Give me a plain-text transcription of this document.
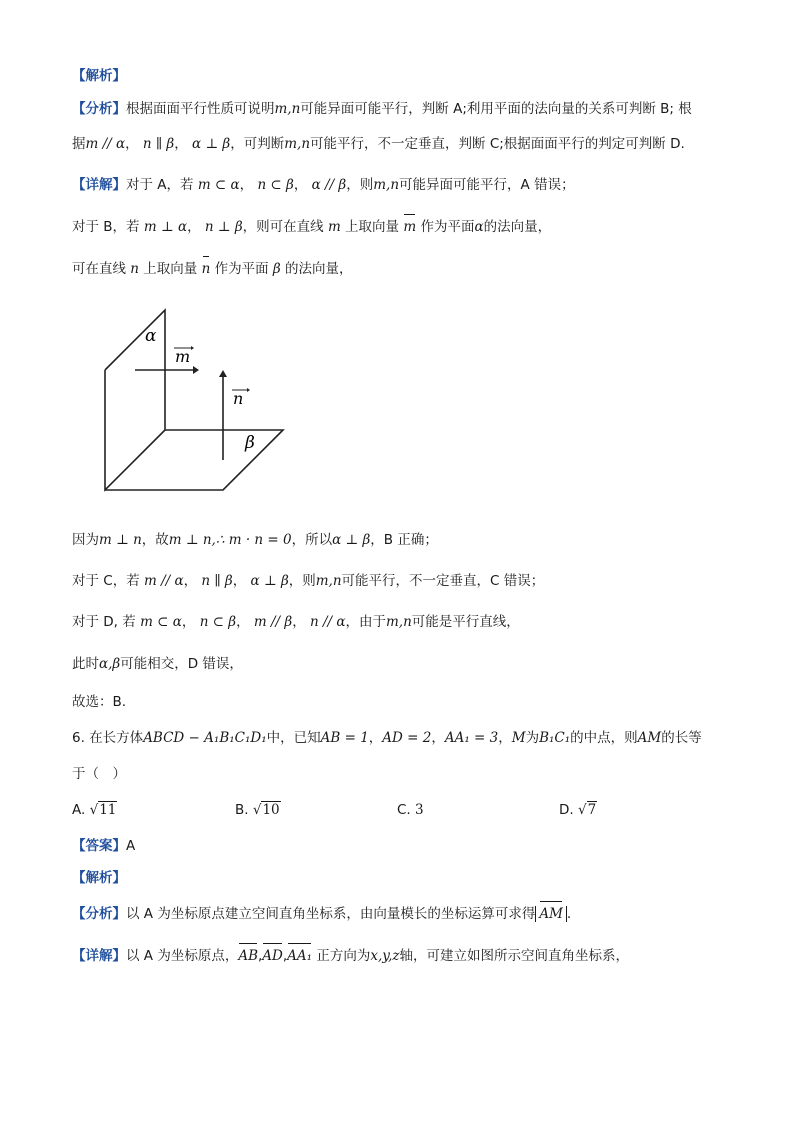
【解析】
【分析】根据面面平行性质可说明m,n可能异面可能平行，判断 A;利用平面的法向量的关系可判断 B; 根
据m // α， n ∥ β， α ⊥ β，可判断m,n可能平行，不一定垂直，判断 C;根据面面平行的判定可判断 D.
【详解】对于 A，若 m ⊂ α， n ⊂ β， α // β，则m,n可能异面可能平行，A 错误；
对于 B，若 m ⊥ α， n ⊥ β，则可在直线 m 上取向量 m 作为平面α的法向量，
可在直线 n 上取向量 n 作为平面 β 的法向量，
α
m
n
β
因为m ⊥ n，故m ⊥ n,∴ m · n = 0，所以α ⊥ β，B 正确；
对于 C，若 m // α， n ∥ β， α ⊥ β，则m,n可能平行，不一定垂直，C 错误；
对于 D, 若 m ⊂ α， n ⊂ β， m // β， n // α，由于m,n可能是平行直线，
此时α,β可能相交，D 错误，
故选：B.
6. 在长方体ABCD − A₁B₁C₁D₁中，已知AB = 1，AD = 2，AA₁ = 3，M为B₁C₁的中点，则AM的长等
于（　）
A. √11	B. √10	C. 3	D. √7
【答案】A
【解析】
【分析】以 A 为坐标原点建立空间直角坐标系，由向量模长的坐标运算可求得 AM .
【详解】以 A 为坐标原点，AB,AD,AA₁ 正方向为x,y,z轴，可建立如图所示空间直角坐标系，
